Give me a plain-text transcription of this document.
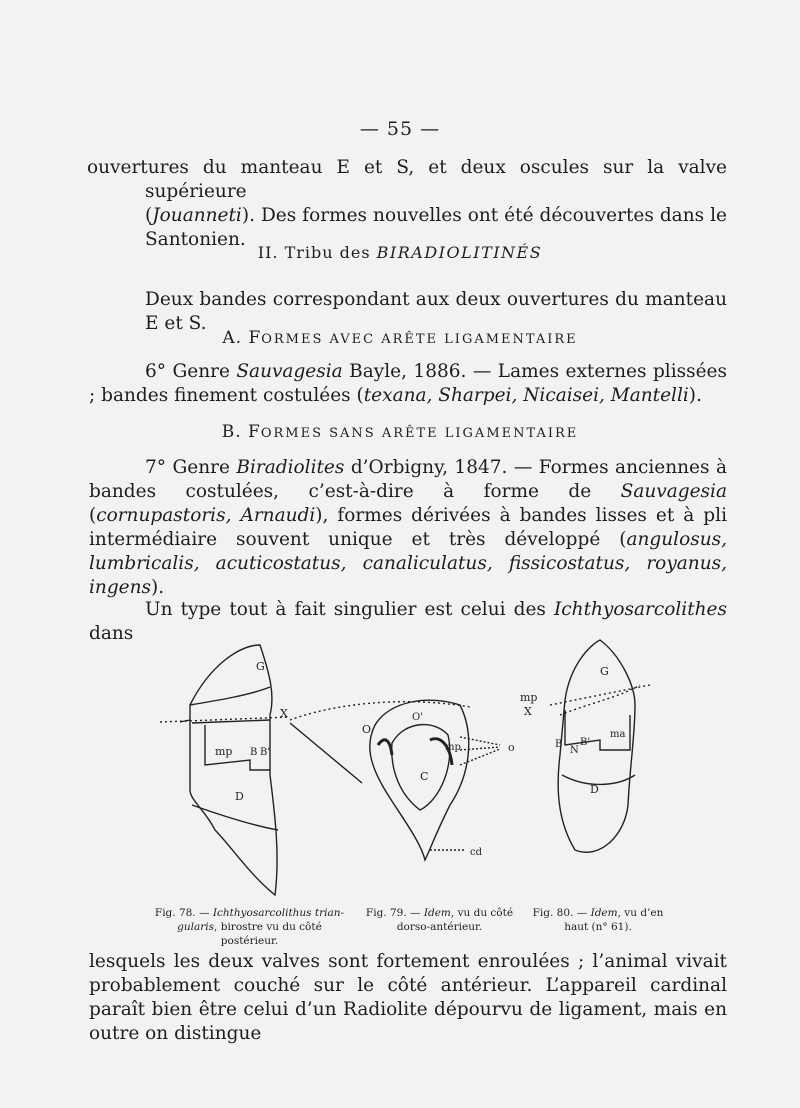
— 55 —
ouvertures du manteau E et S, et deux oscules sur la valve supérieure
(Jouanneti). Des formes nouvelles ont été découvertes dans le Santonien.
II. Tribu des BIRADIOLITINÉS
Deux bandes correspondant aux deux ouvertures du manteau E et S.
A. FORMES AVEC ARÊTE LIGAMENTAIRE
6° Genre Sauvagesia Bayle, 1886. — Lames externes plissées ; bandes finement costulées (texana, Sharpei, Nicaisei, Mantelli).
B. FORMES SANS ARÊTE LIGAMENTAIRE
7° Genre Biradiolites d’Orbigny, 1847. — Formes anciennes à bandes costulées, c’est-à-dire à forme de Sauvagesia (cornupastoris, Arnaudi), formes dérivées à bandes lisses et à pli intermédiaire souvent unique et très développé (angulosus, lumbricalis, acuticostatus, canaliculatus, fissicostatus, royanus, ingens).
Un type tout à fait singulier est celui des Ichthyosarcolithes dans
G
mp B B'
D
X
O
O'
mp
C
o
cd
mp
X
G
B
N
B'
ma
D
Fig. 78. — Ichthyosarcolithus trian-gularis, birostre vu du côté postérieur.
Fig. 79. — Idem, vu du côté dorso-antérieur.
Fig. 80. — Idem, vu d’en haut (n° 61).
lesquels les deux valves sont fortement enroulées ; l’animal vivait probablement couché sur le côté antérieur. L’appareil cardinal paraît bien être celui d’un Radiolite dépourvu de ligament, mais en outre on distingue
